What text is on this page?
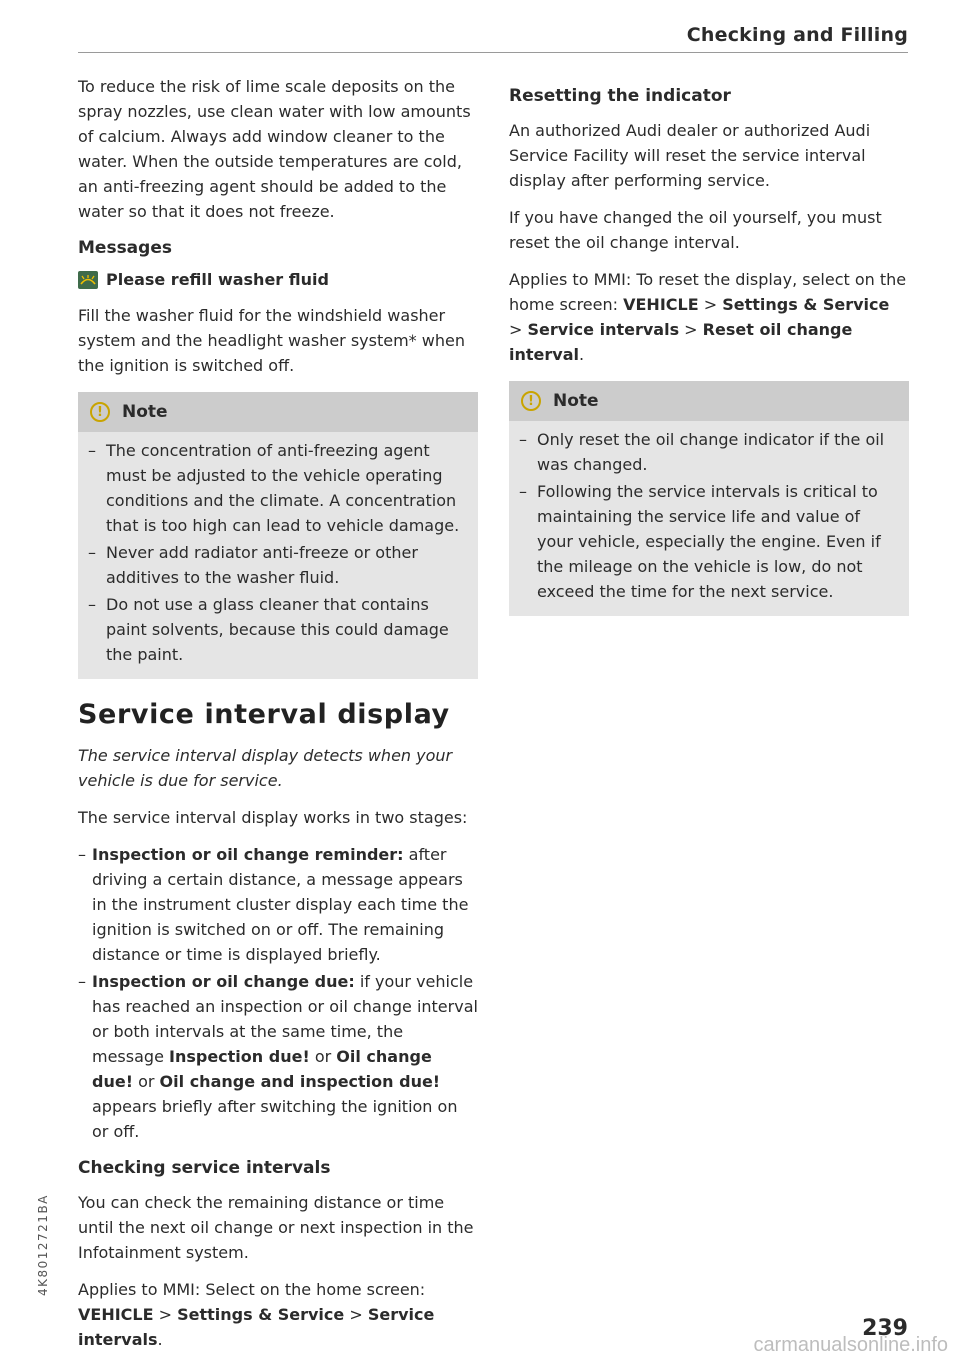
Checking and Filling

To reduce the risk of lime scale deposits on the spray nozzles, use clean water with low amounts of calcium. Always add window cleaner to the water. When the outside temperatures are cold, an anti-freezing agent should be added to the water so that it does not freeze.

Messages
Please refill washer fluid

Fill the washer fluid for the windshield washer system and the headlight washer system* when the ignition is switched off.

!	Note
– The concentration of anti-freezing agent must be adjusted to the vehicle operating conditions and the climate. A concentration that is too high can lead to vehicle damage.
– Never add radiator anti-freeze or other additives to the washer fluid.
– Do not use a glass cleaner that contains paint solvents, because this could damage the paint.
Service interval display

The service interval display detects when your vehicle is due for service.

The service interval display works in two stages:

– Inspection or oil change reminder: after driving a certain distance, a message appears in the instrument cluster display each time the ignition is switched on or off. The remaining distance or time is displayed briefly.
– Inspection or oil change due: if your vehicle has reached an inspection or oil change interval or both intervals at the same time, the message Inspection due! or Oil change due! or Oil change and inspection due! appears briefly after switching the ignition on or off.
Checking service intervals

You can check the remaining distance or time until the next oil change or next inspection in the Infotainment system.

Applies to MMI: Select on the home screen: VEHICLE > Settings & Service > Service intervals.

Resetting the indicator

An authorized Audi dealer or authorized Audi Service Facility will reset the service interval display after performing service.

If you have changed the oil yourself, you must reset the oil change interval.

Applies to MMI: To reset the display, select on the home screen: VEHICLE > Settings & Service
> Service intervals > Reset oil change interval.

!	Note
– Only reset the oil change indicator if the oil was changed.
– Following the service intervals is critical to maintaining the service life and value of your vehicle, especially the engine. Even if the mileage on the vehicle is low, do not exceed the time for the next service.
4K8012721BA
239
carmanualsonline.info
